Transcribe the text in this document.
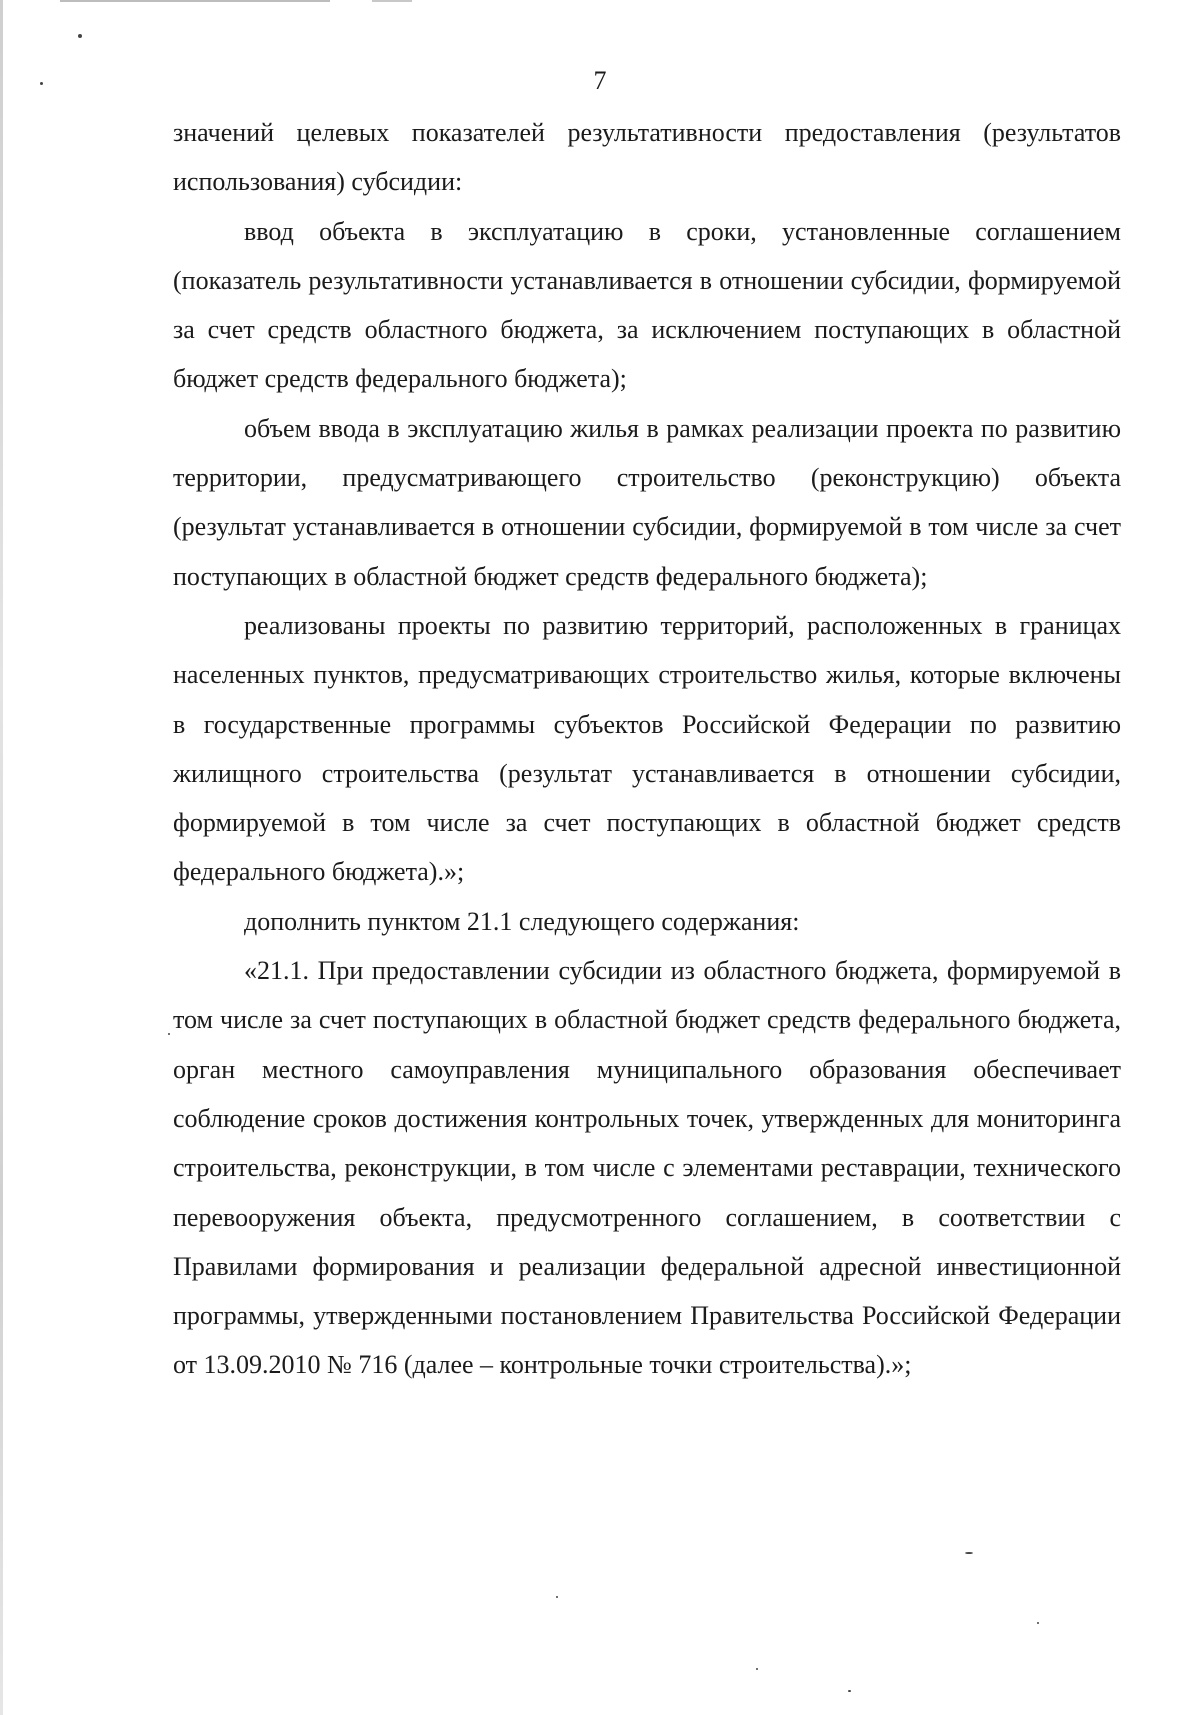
7

значений целевых показателей результативности предоставления (результатов использования) субсидии:

ввод объекта в эксплуатацию в сроки, установленные соглашением (показатель результативности устанавливается в отношении субсидии, формируемой за счет средств областного бюджета, за исключением поступающих в областной бюджет средств федерального бюджета);

объем ввода в эксплуатацию жилья в рамках реализации проекта по развитию территории, предусматривающего строительство (реконструкцию) объекта (результат устанавливается в отношении субсидии, формируемой в том числе за счет поступающих в областной бюджет средств федерального бюджета);

реализованы проекты по развитию территорий, расположенных в границах населенных пунктов, предусматривающих строительство жилья, которые включены в государственные программы субъектов Российской Федерации по развитию жилищного строительства (результат устанавливается в отношении субсидии, формируемой в том числе за счет поступающих в областной бюджет средств федерального бюджета).»;

дополнить пунктом 21.1 следующего содержания:

«21.1. При предоставлении субсидии из областного бюджета, формируемой в том числе за счет поступающих в областной бюджет средств федерального бюджета, орган местного самоуправления муниципального образования обеспечивает соблюдение сроков достижения контрольных точек, утвержденных для мониторинга строительства, реконструкции, в том числе с элементами реставрации, технического перевооружения объекта, предусмотренного соглашением, в соответствии с Правилами формирования и реализации федеральной адресной инвестиционной программы, утвержденными постановлением Правительства Российской Федерации от 13.09.2010 № 716 (далее – контрольные точки строительства).»;
